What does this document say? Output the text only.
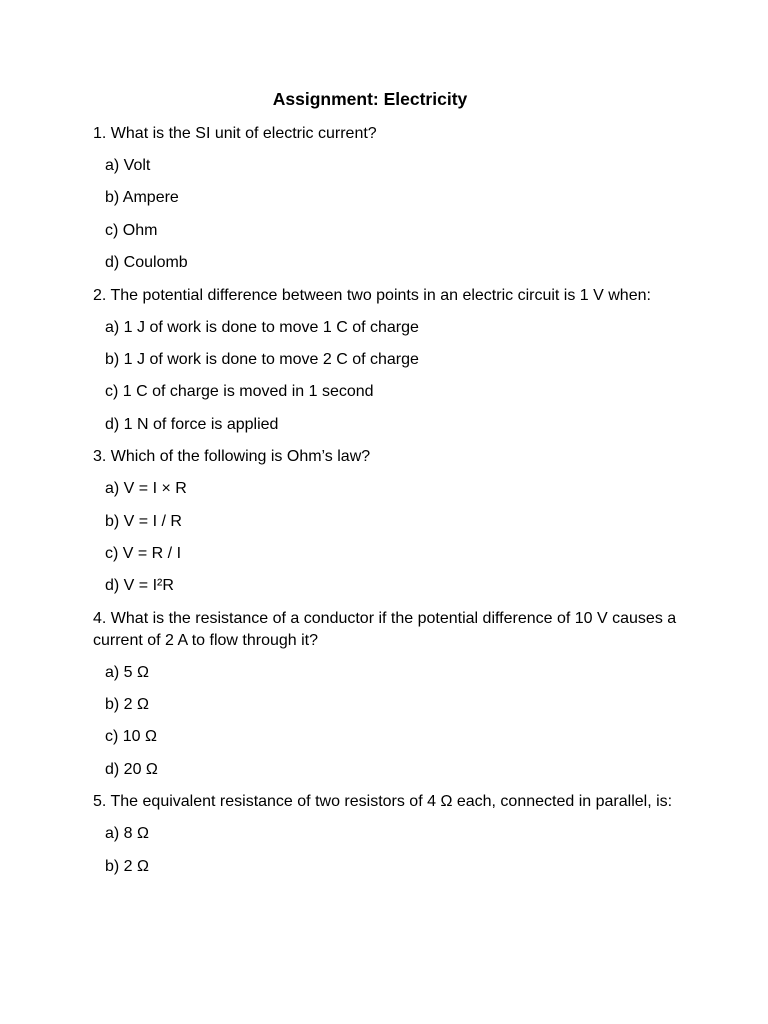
Assignment: Electricity
1. What is the SI unit of electric current?
a) Volt
b) Ampere
c) Ohm
d) Coulomb
2. The potential difference between two points in an electric circuit is 1 V when:
a) 1 J of work is done to move 1 C of charge
b) 1 J of work is done to move 2 C of charge
c) 1 C of charge is moved in 1 second
d) 1 N of force is applied
3. Which of the following is Ohm’s law?
a) V = I × R
b) V = I / R
c) V = R / I
d) V = I²R
4. What is the resistance of a conductor if the potential difference of 10 V causes a current of 2 A to flow through it?
a) 5 Ω
b) 2 Ω
c) 10 Ω
d) 20 Ω
5. The equivalent resistance of two resistors of 4 Ω each, connected in parallel, is:
a) 8 Ω
b) 2 Ω
